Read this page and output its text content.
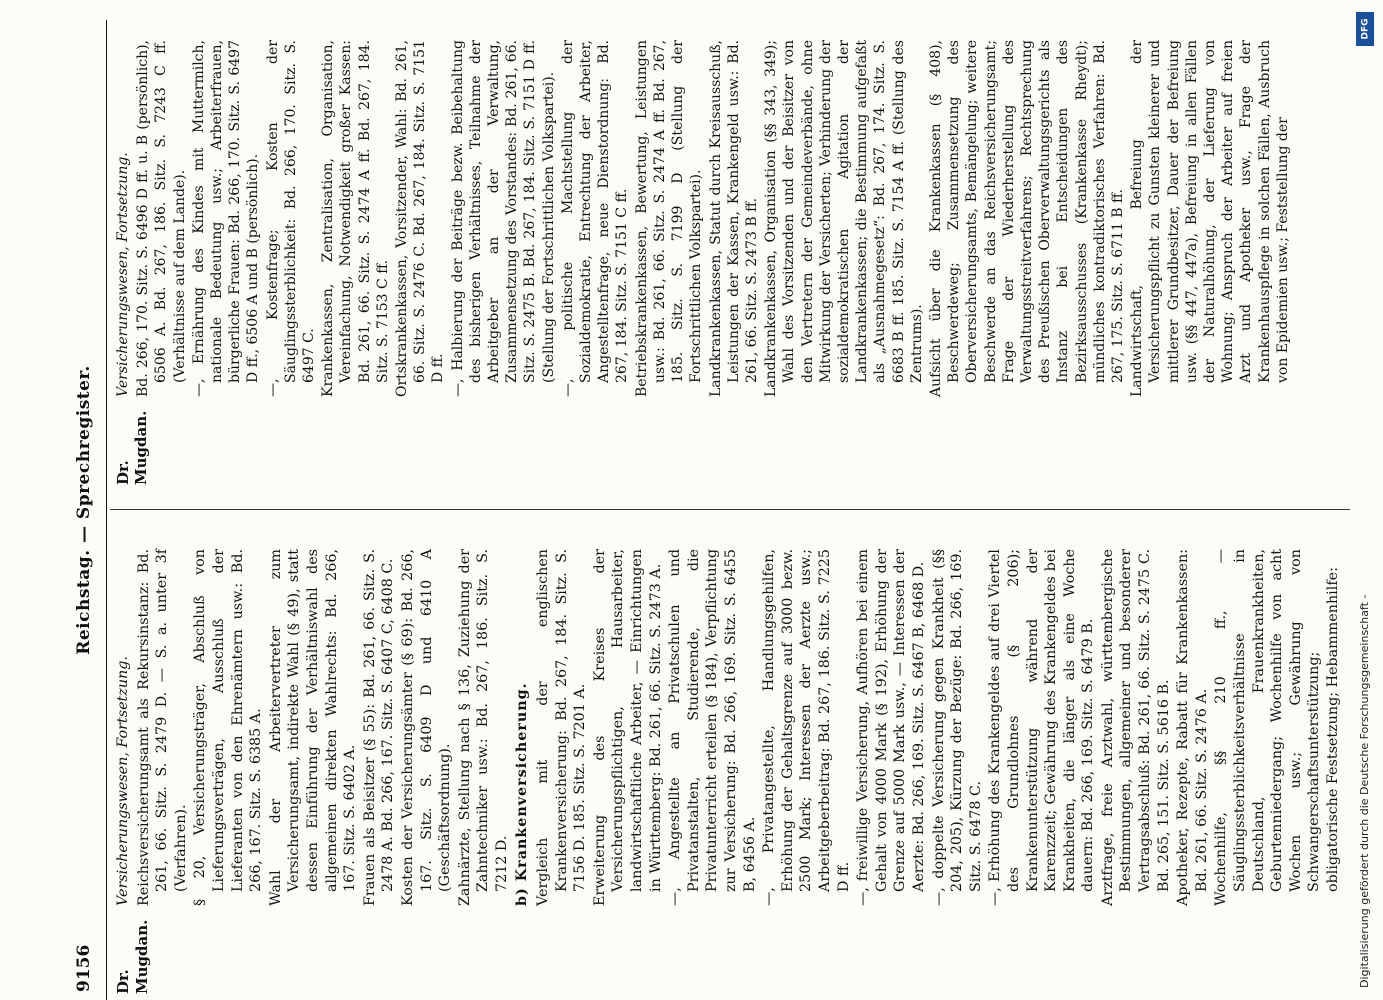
9156
Reichstag. — Sprechregister.
Dr. Mugdan.
Versicherungswesen, Fortsetzung. Reichsversicherungsamt als Rekursinstanz: Bd. 261, 66. Sitz. S. 2479 D. — S. a. unter 3f (Verfahren). § 20, Versicherungsträger, Abschluß von Lieferungsverträgen, Ausschluß der Lieferanten von den Ehrenämtern usw.: Bd. 266, 167. Sitz. S. 6385 A. Wahl der Arbeitervertreter zum Versicherungsamt, indirekte Wahl (§ 49), statt dessen Einführung der Verhältniswahl des allgemeinen direkten Wahlrechts: Bd. 266, 167. Sitz. S. 6402 A. Frauen als Beisitzer (§ 55): Bd. 261, 66. Sitz. S. 2478 A. Bd. 266, 167. Sitz. S. 6407 C, 6408 C. Kosten der Versicherungsämter (§ 69): Bd. 266, 167. Sitz. S. 6409 D und 6410 A (Geschäftsordnung). Zahnärzte, Stellung nach § 136, Zuziehung der Zahntechniker usw.: Bd. 267, 186. Sitz. S. 7212 D. b) Krankenversicherung. Vergleich mit der englischen Krankenversicherung: Bd. 267, 184. Sitz. S. 7156 D. 185. Sitz. S. 7201 A. Erweiterung des Kreises der Versicherungspflichtigen, Hausarbeiter, landwirtschaftliche Arbeiter, — Einrichtungen in Württemberg: Bd. 261, 66. Sitz. S. 2473 A. —, Angestellte an Privatschulen und Privatanstalten, Studierende, die Privatunterricht erteilen (§ 184), Verpflichtung zur Versicherung: Bd. 266, 169. Sitz. S. 6455 B, 6456 A. —, Privatangestellte, Handlungsgehilfen, Erhöhung der Gehaltsgrenze auf 3000 bezw. 2500 Mark; Interessen der Aerzte usw.; Arbeitgeberbeitrag: Bd. 267, 186. Sitz. S. 7225 D ff. —, freiwillige Versicherung, Aufhören bei einem Gehalt von 4000 Mark (§ 192), Erhöhung der Grenze auf 5000 Mark usw., — Interessen der Aerzte: Bd. 266, 169. Sitz. S. 6467 B, 6468 D. —, doppelte Versicherung gegen Krankheit (§§ 204, 205), Kürzung der Bezüge: Bd. 266, 169. Sitz. S. 6478 C. —, Erhöhung des Krankengeldes auf drei Viertel des Grundlohnes (§ 206); Krankenunterstützung während der Karenzzeit; Gewährung des Krankengeldes bei Krankheiten, die länger als eine Woche dauern: Bd. 266, 169. Sitz. S. 6479 B. Arztfrage, freie Arztwahl, württembergische Bestimmungen, allgemeiner und besonderer Vertragsabschluß: Bd. 261, 66. Sitz. S. 2475 C. Bd. 265, 151. Sitz. S. 5616 B. Apotheker, Rezepte, Rabatt für Krankenkassen: Bd. 261, 66. Sitz. S. 2476 A. Wochenhilfe, §§ 210 ff., — Säuglingssterblichkeitsverhältnisse in Deutschland, Frauenkrankheiten, Geburtenniedergang; Wochenhilfe von acht Wochen usw.; Gewährung von Schwangerschaftsunterstützung; obligatorische Festsetzung; Hebammenhilfe:
Dr. Mugdan.
Versicherungswesen, Fortsetzung. Bd. 266, 170. Sitz. S. 6496 D ff. u. B (persönlich), 6506 A. Bd. 267, 186. Sitz. S. 7243 C ff. (Verhältnisse auf dem Lande). —, Ernährung des Kindes mit Muttermilch, nationale Bedeutung usw.; Arbeiterfrauen, bürgerliche Frauen: Bd. 266, 170. Sitz. S. 6497 D ff., 6506 A und B (persönlich). —, Kostenfrage; Kosten der Säuglingssterblichkeit: Bd. 266, 170. Sitz. S. 6497 C. Krankenkassen, Zentralisation, Organisation, Vereinfachung, Notwendigkeit großer Kassen: Bd. 261, 66. Sitz. S. 2474 A ff. Bd. 267, 184. Sitz. S. 7153 C ff. Ortskrankenkassen, Vorsitzender, Wahl: Bd. 261, 66. Sitz. S. 2476 C. Bd. 267, 184. Sitz. S. 7151 D ff. —, Halbierung der Beiträge bezw. Beibehaltung des bisherigen Verhältnisses, Teilnahme der Arbeitgeber an der Verwaltung, Zusammensetzung des Vorstandes: Bd. 261, 66. Sitz. S. 2475 B. Bd. 267, 184. Sitz. S. 7151 D ff. (Stellung der Fortschrittlichen Volkspartei). —, politische Machtstellung der Sozialdemokratie, Entrechtung der Arbeiter, Angestelltenfrage, neue Dienstordnung: Bd. 267, 184. Sitz. S. 7151 C ff. Betriebskrankenkassen, Bewertung, Leistungen usw.: Bd. 261, 66. Sitz. S. 2474 A ff. Bd. 267, 185. Sitz. S. 7199 D (Stellung der Fortschrittlichen Volkspartei). Landkrankenkassen, Statut durch Kreisausschuß, Leistungen der Kassen, Krankengeld usw.: Bd. 261, 66. Sitz. S. 2473 B ff. Landkrankenkassen, Organisation (§§ 343, 349); Wahl des Vorsitzenden und der Beisitzer von den Vertretern der Gemeindeverbände, ohne Mitwirkung der Versicherten; Verhinderung der sozialdemokratischen Agitation der Landkrankenkassen; die Bestimmung aufgefaßt als „Ausnahmegesetz“: Bd. 267, 174. Sitz. S. 6683 B ff. 185. Sitz. S. 7154 A ff. (Stellung des Zentrums). Aufsicht über die Krankenkassen (§ 408), Beschwerdeweg; Zusammensetzung des Oberversicherungsamts, Bemängelung; weitere Beschwerde an das Reichsversicherungsamt; Frage der Wiederherstellung des Verwaltungsstreitverfahrens; Rechtsprechung des Preußischen Oberverwaltungsgerichts als Instanz bei Entscheidungen des Bezirksausschusses (Krankenkasse Rheydt); mündliches kontradiktorisches Verfahren: Bd. 267, 175. Sitz. S. 6711 B ff. Landwirtschaft, Befreiung der Versicherungspflicht zu Gunsten kleinerer und mittlerer Grundbesitzer, Dauer der Befreiung usw. (§§ 447, 447a), Befreiung in allen Fällen der Naturalhöhung, der Lieferung von Wohnung; Anspruch der Arbeiter auf freien Arzt und Apotheker usw., Frage der Krankenhauspflege in solchen Fällen, Ausbruch von Epidemien usw.; Feststellung der
DFG
Digitalisierung gefördert durch die Deutsche Forschungsgemeinschaft -
